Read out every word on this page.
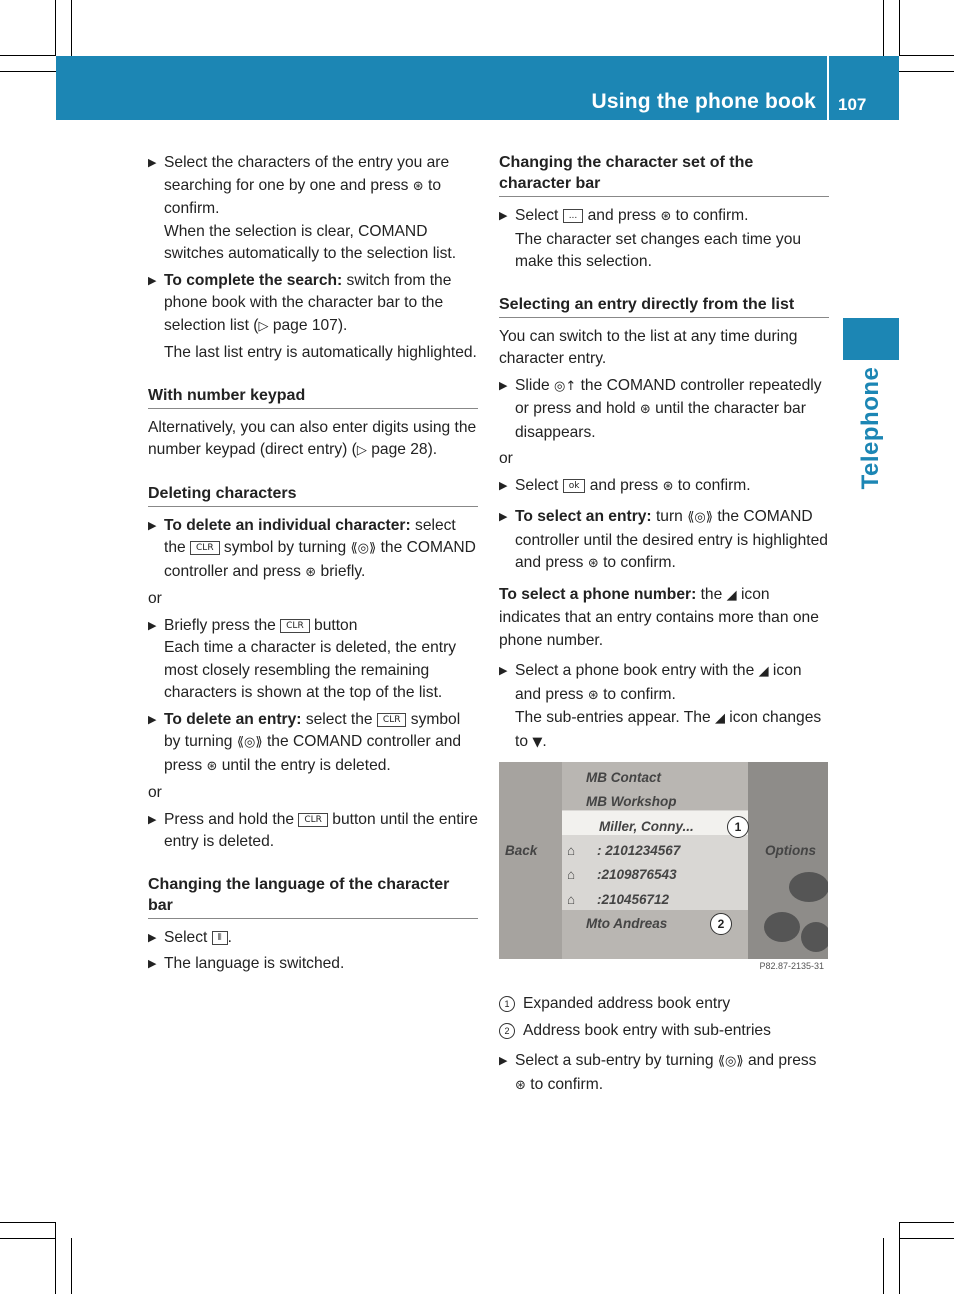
Using the phone book 107
Telephone
▶ Select the characters of the entry you are searching for one by one and press ⊛ to confirm.
When the selection is clear, COMAND switches automatically to the selection list.
▶ To complete the search: switch from the phone book with the character bar to the selection list (▷ page 107).
The last list entry is automatically highlighted.
With number keypad
Alternatively, you can also enter digits using the number keypad (direct entry) (▷ page 28).
Deleting characters
▶ To delete an individual character: select the CLR symbol by turning ⟪◎⟫ the COMAND controller and press ⊛ briefly.
or
▶ Briefly press the CLR button
Each time a character is deleted, the entry most closely resembling the remaining characters is shown at the top of the list.
▶ To delete an entry: select the CLR symbol by turning ⟪◎⟫ the COMAND controller and press ⊛ until the entry is deleted.
or
▶ Press and hold the CLR button until the entire entry is deleted.
Changing the language of the character bar
▶ Select ⦀ .
▶ The language is switched.
Changing the character set of the character bar
▶ Select ... and press ⊛ to confirm.
The character set changes each time you make this selection.
Selecting an entry directly from the list
You can switch to the list at any time during character entry.
▶ Slide ◎↑ the COMAND controller repeatedly or press and hold ⊛ until the character bar disappears.
or
▶ Select ok and press ⊛ to confirm.
▶ To select an entry: turn ⟪◎⟫ the COMAND controller until the desired entry is highlighted and press ⊛ to confirm.
To select a phone number: the ◢ icon indicates that an entry contains more than one phone number.
▶ Select a phone book entry with the ◢ icon and press ⊛ to confirm.
The sub-entries appear. The ◢ icon changes to ▼.
MB Contact
MB Workshop
Miller, Conny...
Back ⌂ : 2101234567	Options
⌂ :2109876543
⌂ :210456712
Mto Andreas
1
2
P82.87-2135-31
1 Expanded address book entry
2 Address book entry with sub-entries
▶ Select a sub-entry by turning ⟪◎⟫ and press ⊛ to confirm.
